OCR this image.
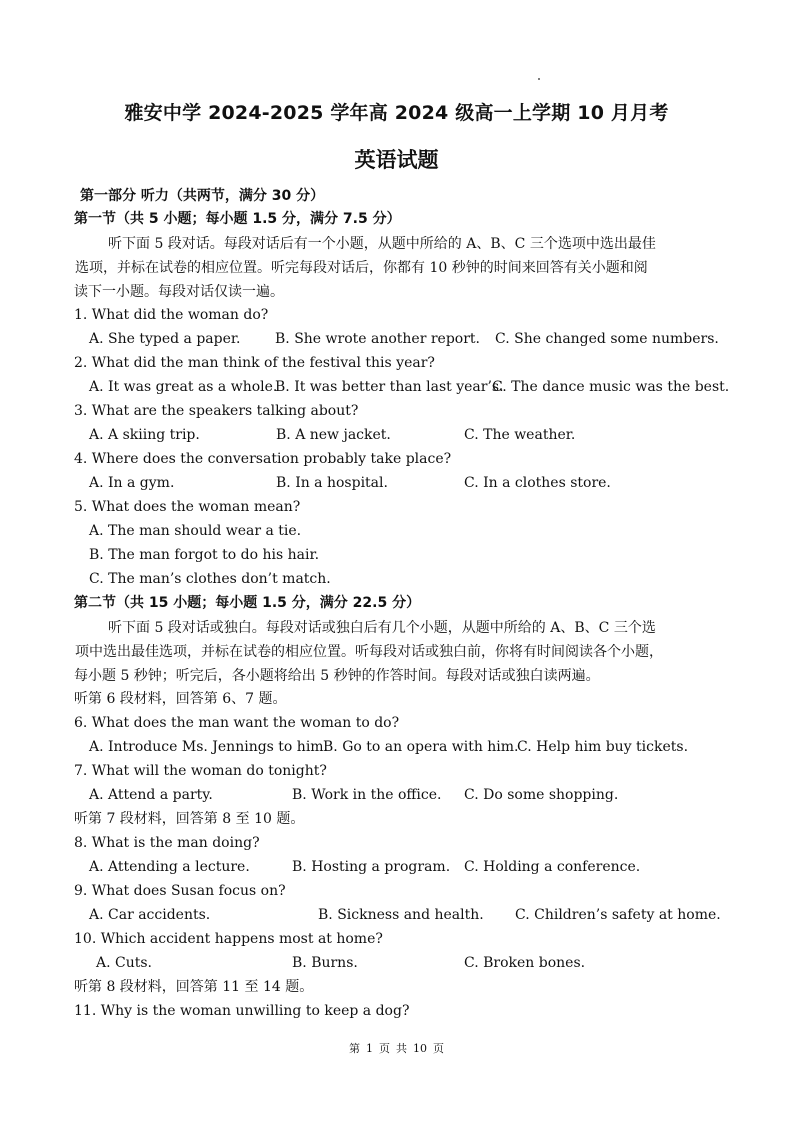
雅安中学 2024-2025 学年高 2024 级高一上学期 10 月月考
英语试题
第一部分 听力（共两节，满分 30 分）
第一节（共 5 小题；每小题 1.5 分，满分 7.5 分）
听下面 5 段对话。每段对话后有一个小题，从题中所给的 A、B、C 三个选项中选出最佳
选项，并标在试卷的相应位置。听完每段对话后，你都有 10 秒钟的时间来回答有关小题和阅
读下一小题。每段对话仅读一遍。
1. What did the woman do?
A. She typed a paper. B. She wrote another report. C. She changed some numbers.
2. What did the man think of the festival this year?
A. It was great as a whole.
B. It was better than last year’s.
C. The dance music was the best.
3. What are the speakers talking about?
A. A skiing trip.	B. A new jacket.	C. The weather.
4. Where does the conversation probably take place?
A. In a gym.	B. In a hospital.	C. In a clothes store.
5. What does the woman mean?
A. The man should wear a tie.
B. The man forgot to do his hair.
C. The man’s clothes don’t match.
第二节（共 15 小题；每小题 1.5 分，满分 22.5 分）
听下面 5 段对话或独白。每段对话或独白后有几个小题，从题中所给的 A、B、C 三个选
项中选出最佳选项，并标在试卷的相应位置。听每段对话或独白前，你将有时间阅读各个小题，
每小题 5 秒钟；听完后，各小题将给出 5 秒钟的作答时间。每段对话或独白读两遍。
听第 6 段材料，回答第 6、7 题。
6. What does the man want the woman to do?
A. Introduce Ms. Jennings to him.
B. Go to an opera with him.
C. Help him buy tickets.
7. What will the woman do tonight?
A. Attend a party.	B. Work in the office. C. Do some shopping.
听第 7 段材料，回答第 8 至 10 题。
8. What is the man doing?
A. Attending a lecture.	B. Hosting a program. C. Holding a conference.
9. What does Susan focus on?
A. Car accidents.	B. Sickness and health. C. Children’s safety at home.
10. Which accident happens most at home?
A. Cuts.	B. Burns.	C. Broken bones.
听第 8 段材料，回答第 11 至 14 题。
11. Why is the woman unwilling to keep a dog?
第 1 页 共 10 页
